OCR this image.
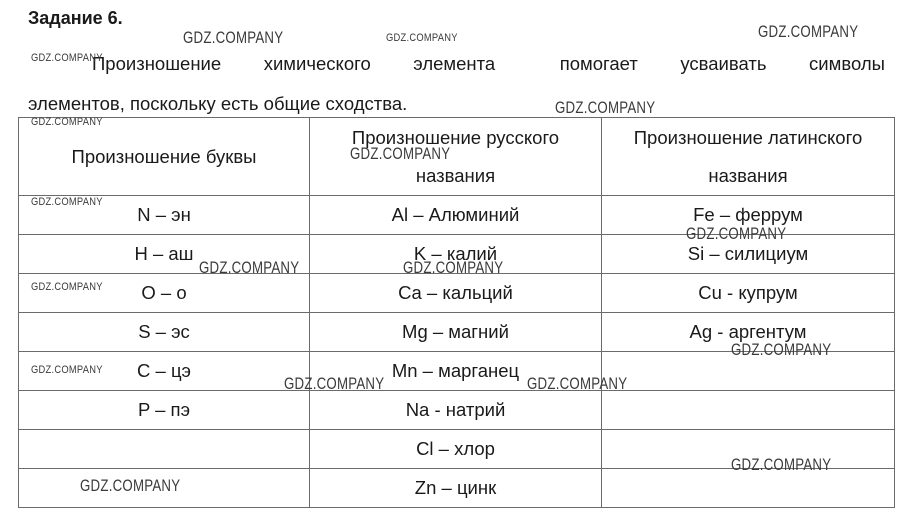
Задание 6.
Произношение химического элемента	помогает усваивать символы
элементов, поскольку есть общие сходства.
Произношение буквы	Произношение русского названия	Произношение латинского названия
N – эн	Al – Алюминий	Fe – феррум
H – аш	K – калий	Si – силициум
O – о	Ca – кальций	Cu - купрум
S – эс	Mg – магний	Ag - аргентум
C – цэ	Mn – марганец	
P – пэ	Na - натрий	
	Cl – хлор	
	Zn – цинк	
GDZ.COMPANY	GDZ.COMPANY
GDZ.COMPANY
GDZ.COMPANY
GDZ.COMPANY
GDZ.COMPANY
GDZ.COMPANY
GDZ.COMPANY
GDZ.COMPANY
GDZ.COMPANY	GDZ.COMPANY
GDZ.COMPANY
GDZ.COMPANY
GDZ.COMPANY
GDZ.COMPANY	GDZ.COMPANY
GDZ.COMPANY
GDZ.COMPANY
